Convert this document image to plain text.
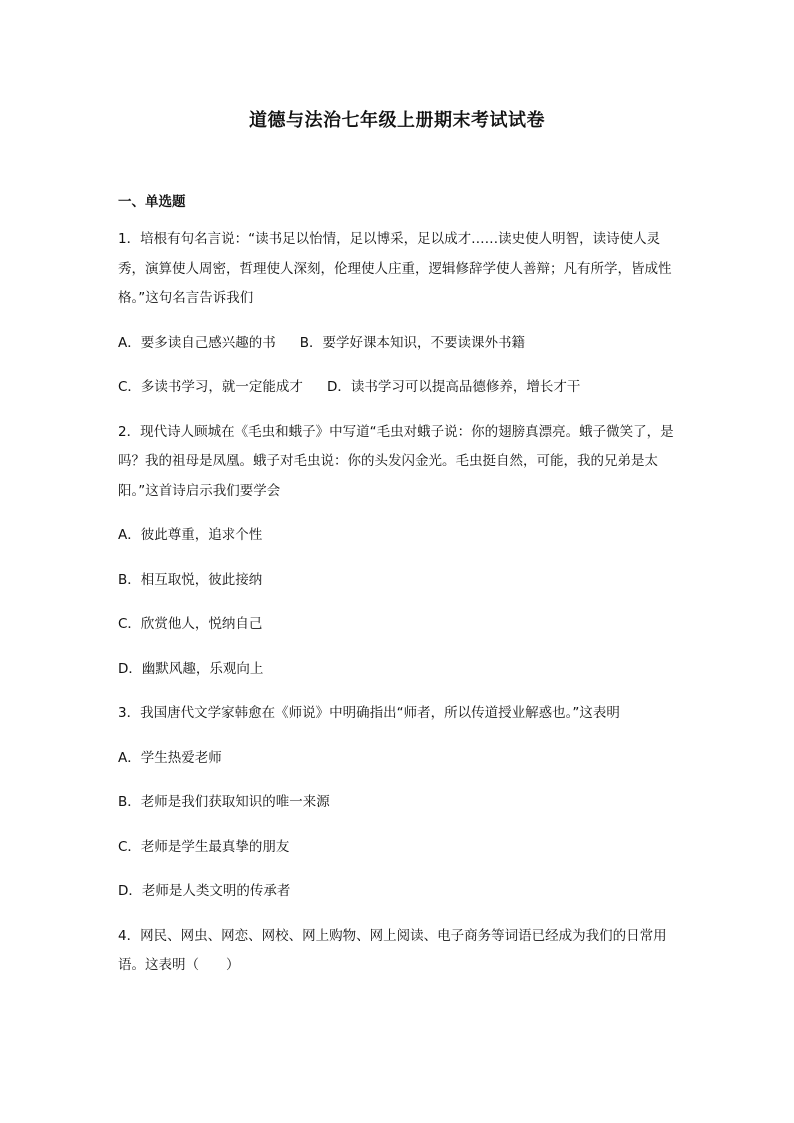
道德与法治七年级上册期末考试试卷
一、单选题
1．培根有句名言说：“读书足以怡情，足以博采，足以成才……读史使人明智，读诗使人灵秀，演算使人周密，哲理使人深刻，伦理使人庄重，逻辑修辞学使人善辩；凡有所学，皆成性格。”这句名言告诉我们
A．要多读自己感兴趣的书 B．要学好课本知识，不要读课外书籍
C．多读书学习，就一定能成才 D．读书学习可以提高品德修养，增长才干
2．现代诗人顾城在《毛虫和蛾子》中写道“毛虫对蛾子说：你的翅膀真漂亮。蛾子微笑了，是吗？我的祖母是凤凰。蛾子对毛虫说：你的头发闪金光。毛虫挺自然，可能，我的兄弟是太阳。”这首诗启示我们要学会
A．彼此尊重，追求个性
B．相互取悦，彼此接纳
C．欣赏他人，悦纳自己
D．幽默风趣，乐观向上
3．我国唐代文学家韩愈在《师说》中明确指出“师者，所以传道授业解惑也。”这表明
A．学生热爱老师
B．老师是我们获取知识的唯一来源
C．老师是学生最真挚的朋友
D．老师是人类文明的传承者
4．网民、网虫、网恋、网校、网上购物、网上阅读、电子商务等词语已经成为我们的日常用语。这表明（　　）
